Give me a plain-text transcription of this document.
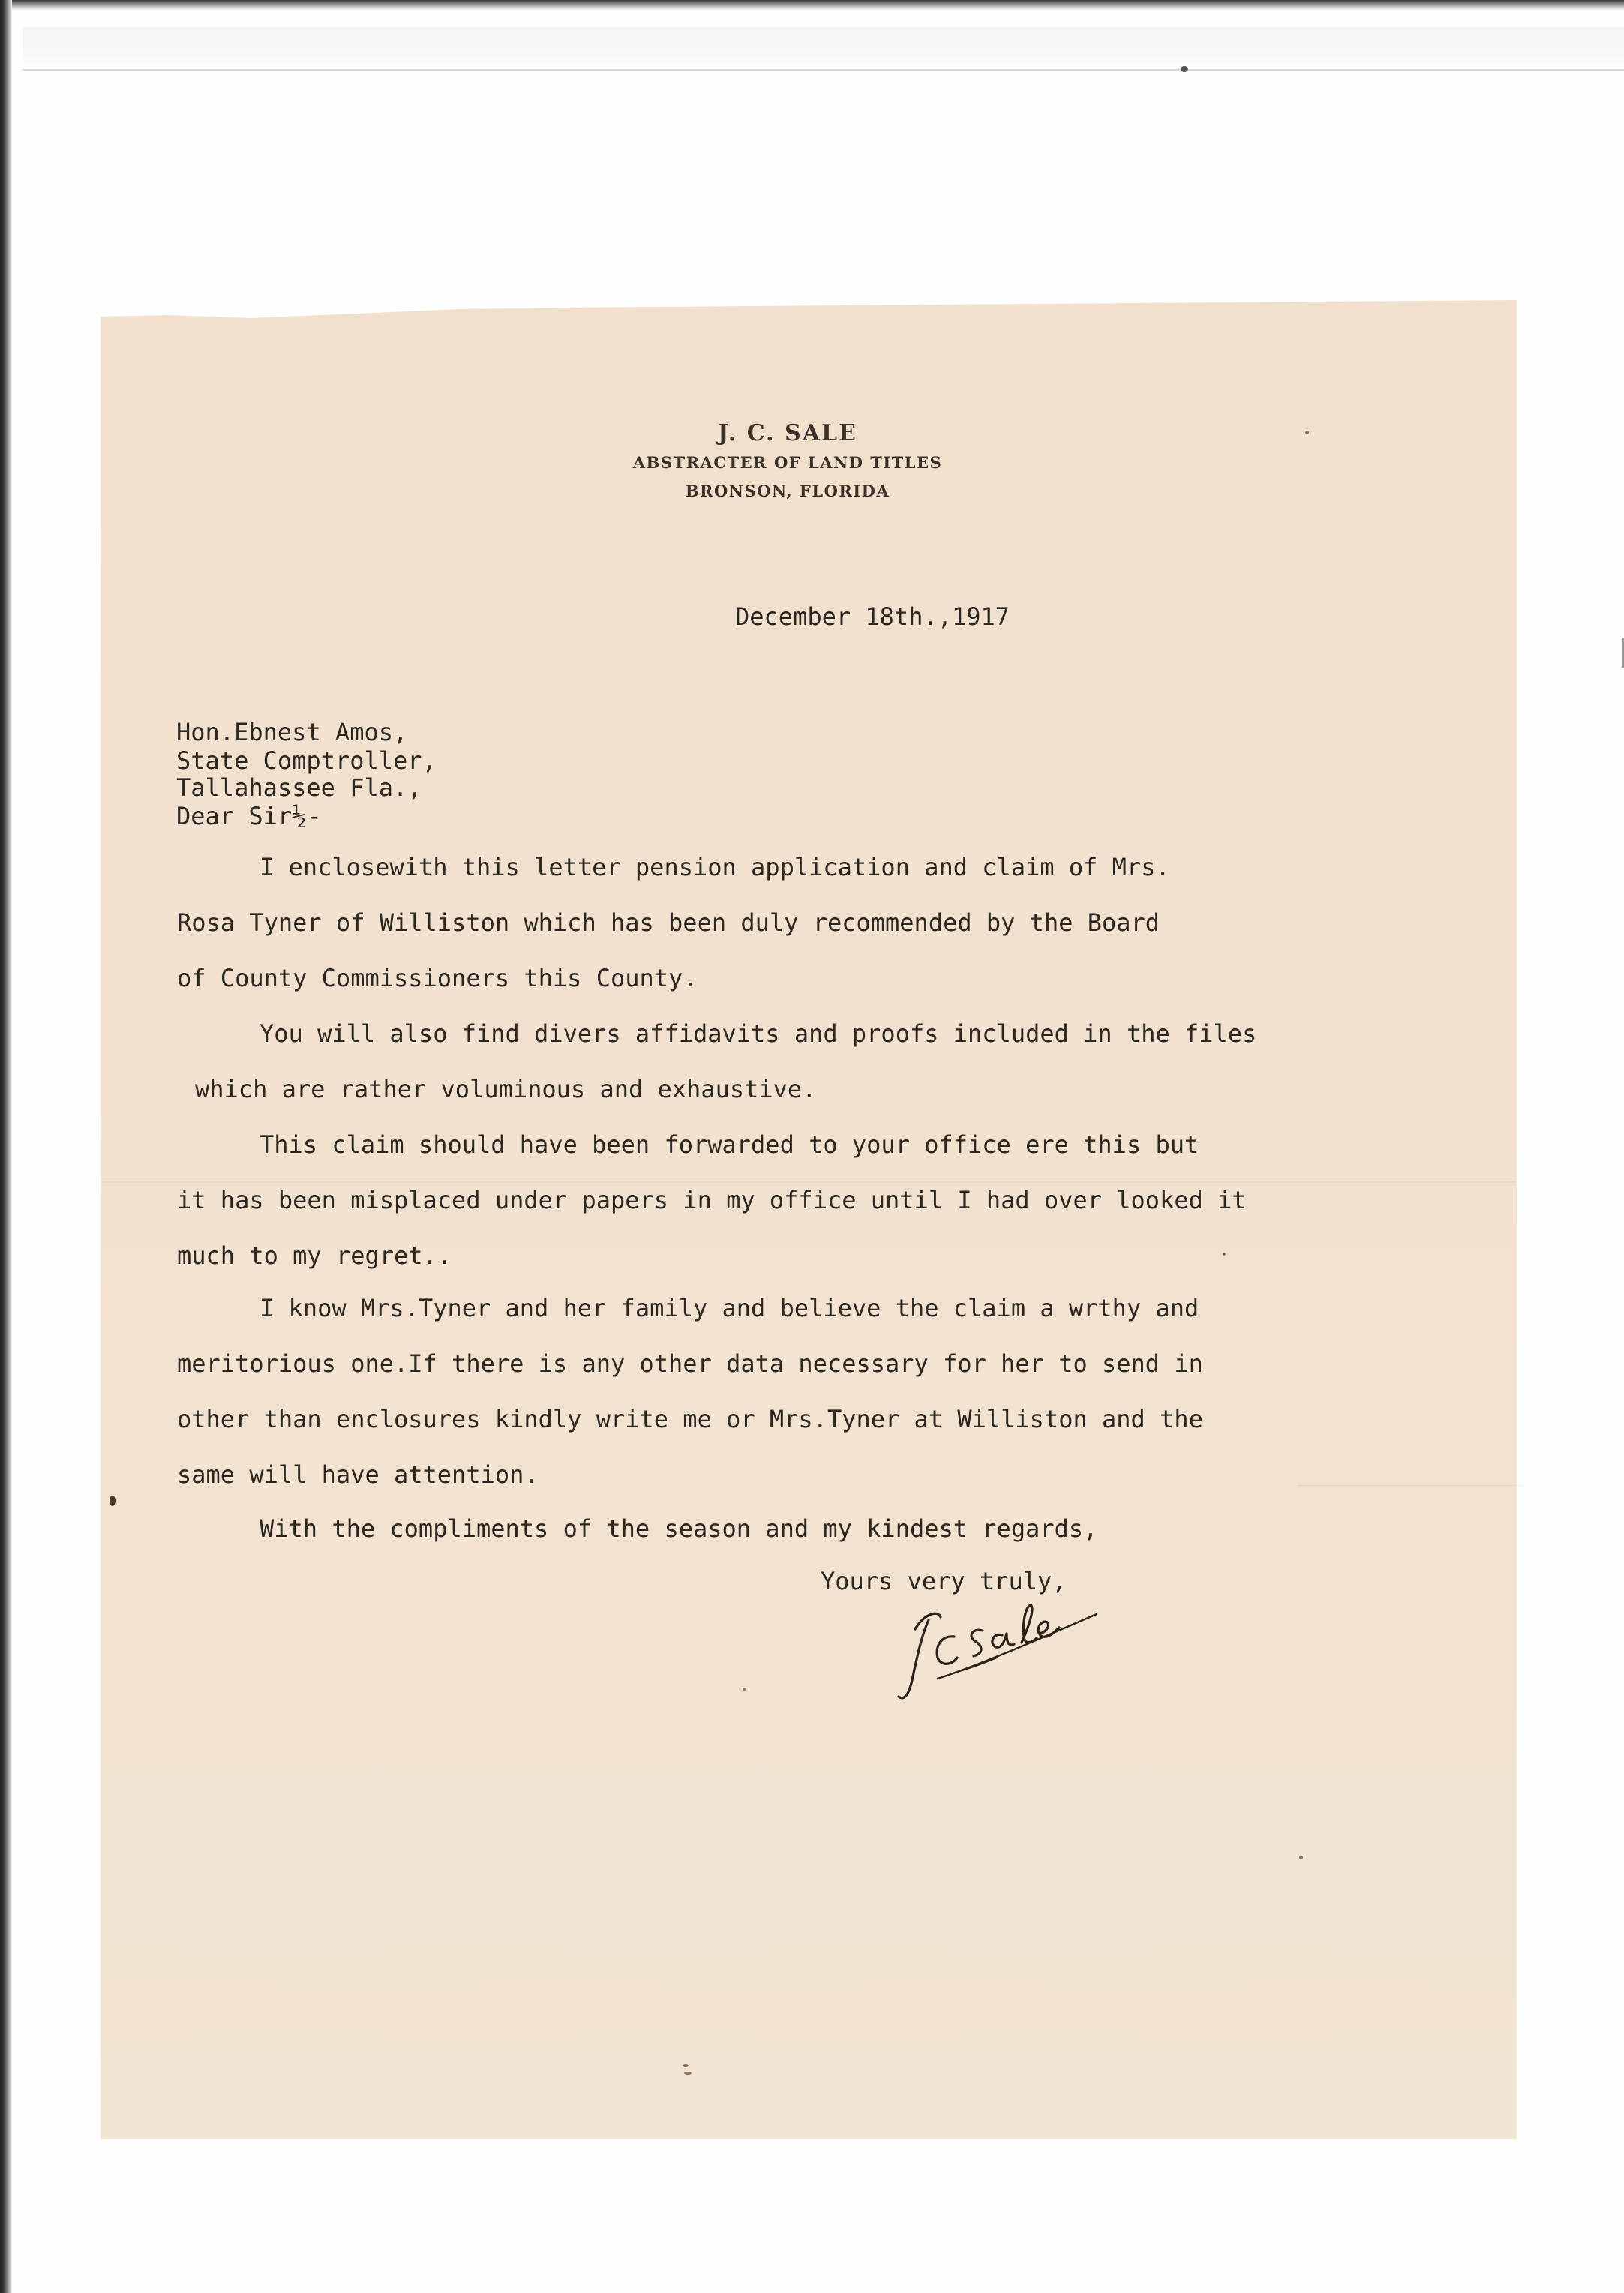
J. C. SALE
ABSTRACTER OF LAND TITLES
BRONSON, FLORIDA
December 18th.,1917
Hon.Ebnest Amos,
State Comptroller,
Tallahassee Fla.,
Dear Sir½-
I enclosewith this letter pension application and claim of Mrs.
Rosa Tyner of Williston which has been duly recommended by the Board
of County Commissioners this County.
You will also find divers affidavits and proofs included in the files
which are rather voluminous and exhaustive.
This claim should have been forwarded to your office ere this but
it has been misplaced under papers in my office until I had over looked it
much to my regret..
I know Mrs.Tyner and her family and believe the claim a wrthy and
meritorious one.If there is any other data necessary for her to send in
other than enclosures kindly write me or Mrs.Tyner at Williston and the
same will have attention.
With the compliments of the season and my kindest regards,
Yours very truly,
